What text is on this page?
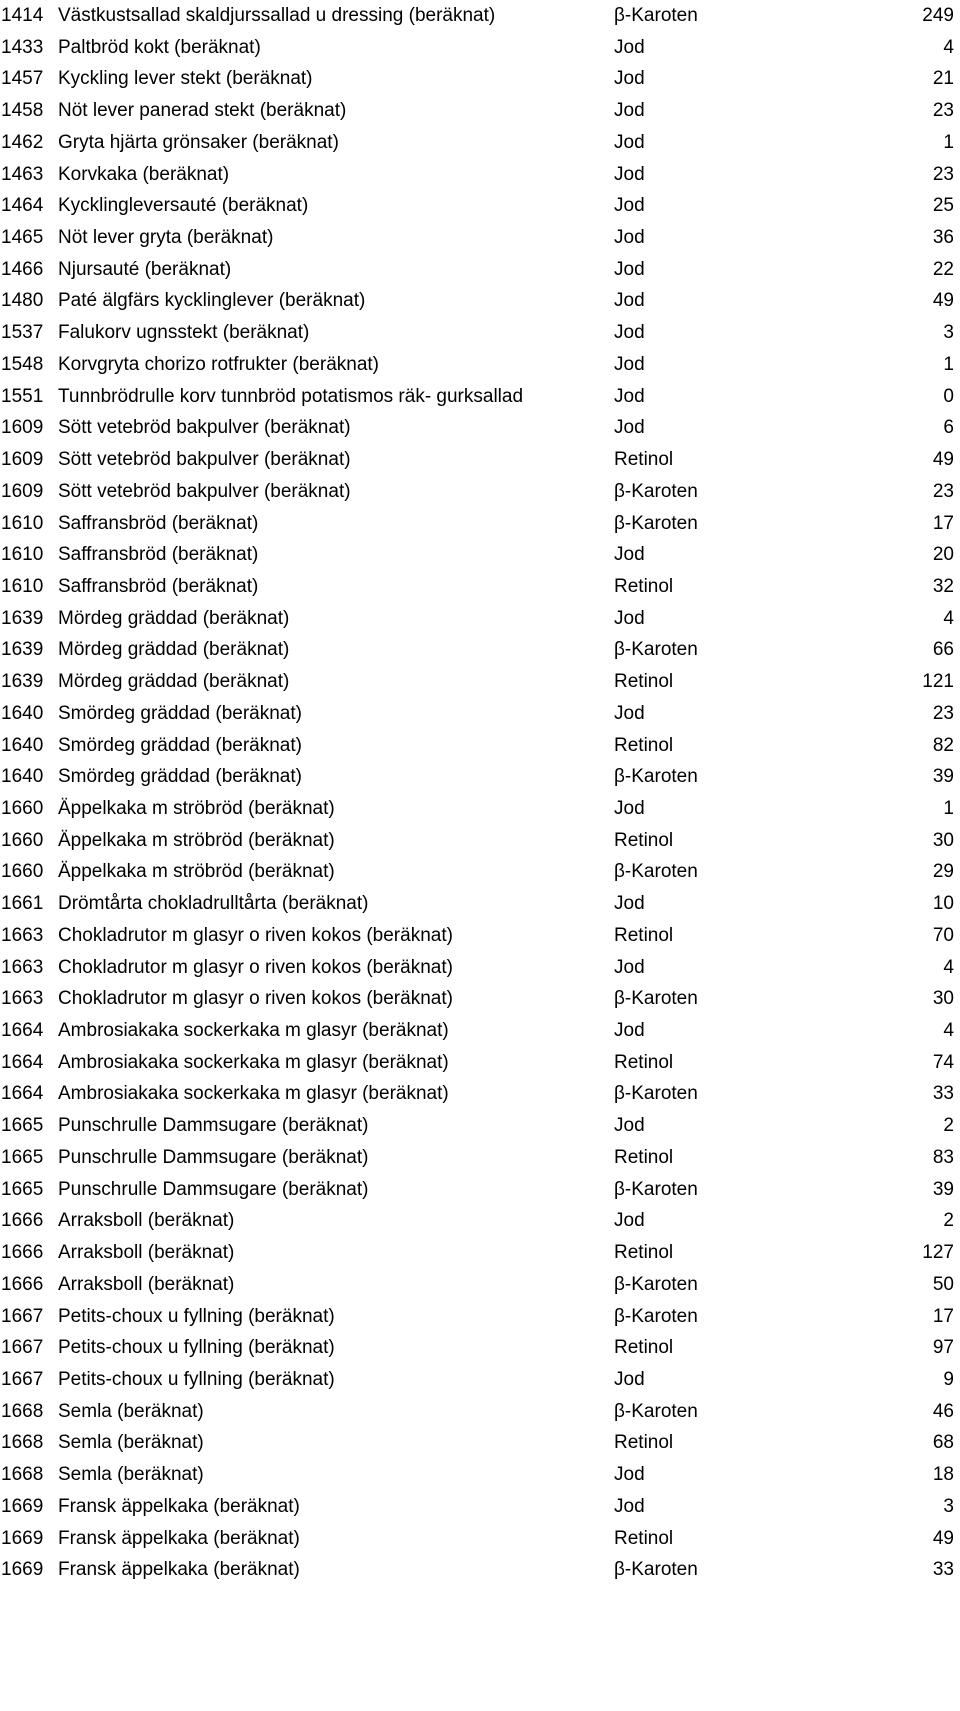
1414 Västkustsallad skaldjurssallad u dressing (beräknat)	β-Karoten	249
1433 Paltbröd kokt (beräknat)	Jod	4
1457 Kyckling lever stekt (beräknat)	Jod	21
1458 Nöt lever panerad stekt (beräknat)	Jod	23
1462 Gryta hjärta grönsaker (beräknat)	Jod	1
1463 Korvkaka (beräknat)	Jod	23
1464 Kycklingleversauté (beräknat)	Jod	25
1465 Nöt lever gryta (beräknat)	Jod	36
1466 Njursauté (beräknat)	Jod	22
1480 Paté älgfärs kycklinglever (beräknat)	Jod	49
1537 Falukorv ugnsstekt (beräknat)	Jod	3
1548 Korvgryta chorizo rotfrukter (beräknat)	Jod	1
1551 Tunnbrödrulle korv tunnbröd potatismos räk- gurksallad	Jod	0
1609 Sött vetebröd bakpulver (beräknat)	Jod	6
1609 Sött vetebröd bakpulver (beräknat)	Retinol	49
1609 Sött vetebröd bakpulver (beräknat)	β-Karoten	23
1610 Saffransbröd (beräknat)	β-Karoten	17
1610 Saffransbröd (beräknat)	Jod	20
1610 Saffransbröd (beräknat)	Retinol	32
1639 Mördeg gräddad (beräknat)	Jod	4
1639 Mördeg gräddad (beräknat)	β-Karoten	66
1639 Mördeg gräddad (beräknat)	Retinol	121
1640 Smördeg gräddad (beräknat)	Jod	23
1640 Smördeg gräddad (beräknat)	Retinol	82
1640 Smördeg gräddad (beräknat)	β-Karoten	39
1660 Äppelkaka m ströbröd (beräknat)	Jod	1
1660 Äppelkaka m ströbröd (beräknat)	Retinol	30
1660 Äppelkaka m ströbröd (beräknat)	β-Karoten	29
1661 Drömtårta chokladrulltårta (beräknat)	Jod	10
1663 Chokladrutor m glasyr o riven kokos (beräknat)	Retinol	70
1663 Chokladrutor m glasyr o riven kokos (beräknat)	Jod	4
1663 Chokladrutor m glasyr o riven kokos (beräknat)	β-Karoten	30
1664 Ambrosiakaka sockerkaka m glasyr (beräknat)	Jod	4
1664 Ambrosiakaka sockerkaka m glasyr (beräknat)	Retinol	74
1664 Ambrosiakaka sockerkaka m glasyr (beräknat)	β-Karoten	33
1665 Punschrulle Dammsugare (beräknat)	Jod	2
1665 Punschrulle Dammsugare (beräknat)	Retinol	83
1665 Punschrulle Dammsugare (beräknat)	β-Karoten	39
1666 Arraksboll (beräknat)	Jod	2
1666 Arraksboll (beräknat)	Retinol	127
1666 Arraksboll (beräknat)	β-Karoten	50
1667 Petits-choux u fyllning (beräknat)	β-Karoten	17
1667 Petits-choux u fyllning (beräknat)	Retinol	97
1667 Petits-choux u fyllning (beräknat)	Jod	9
1668 Semla (beräknat)	β-Karoten	46
1668 Semla (beräknat)	Retinol	68
1668 Semla (beräknat)	Jod	18
1669 Fransk äppelkaka (beräknat)	Jod	3
1669 Fransk äppelkaka (beräknat)	Retinol	49
1669 Fransk äppelkaka (beräknat)	β-Karoten	33
